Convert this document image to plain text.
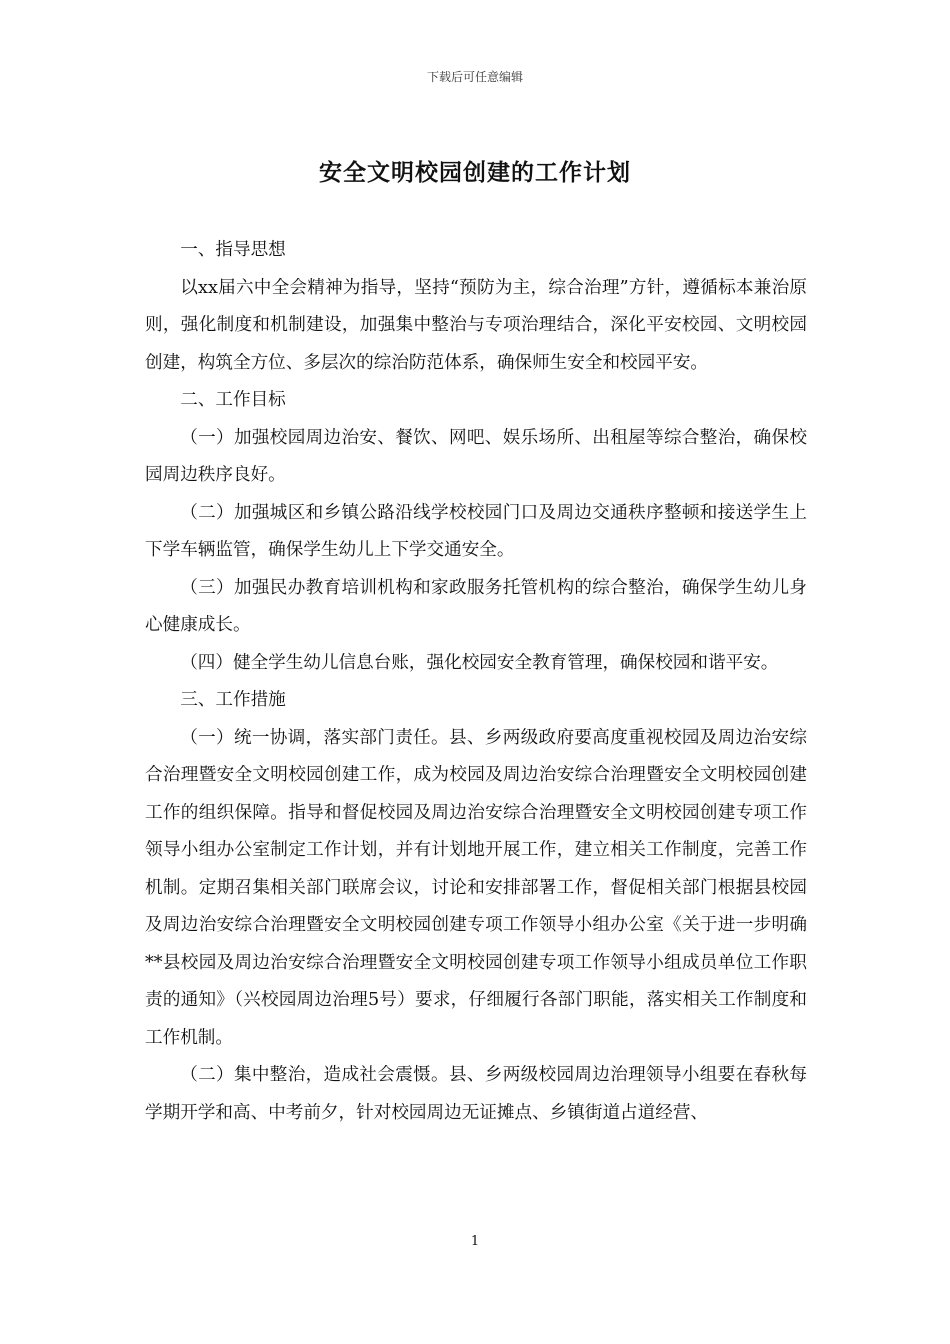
下载后可任意编辑
安全文明校园创建的工作计划

一、指导思想

以xx届六中全会精神为指导，坚持“预防为主，综合治理”方针，遵循标本兼治原则，强化制度和机制建设，加强集中整治与专项治理结合，深化平安校园、文明校园创建，构筑全方位、多层次的综治防范体系，确保师生安全和校园平安。

二、工作目标

（一）加强校园周边治安、餐饮、网吧、娱乐场所、出租屋等综合整治，确保校园周边秩序良好。

（二）加强城区和乡镇公路沿线学校校园门口及周边交通秩序整顿和接送学生上下学车辆监管，确保学生幼儿上下学交通安全。

（三）加强民办教育培训机构和家政服务托管机构的综合整治，确保学生幼儿身心健康成长。

（四）健全学生幼儿信息台账，强化校园安全教育管理，确保校园和谐平安。

三、工作措施

（一）统一协调，落实部门责任。县、乡两级政府要高度重视校园及周边治安综合治理暨安全文明校园创建工作，成为校园及周边治安综合治理暨安全文明校园创建工作的组织保障。指导和督促校园及周边治安综合治理暨安全文明校园创建专项工作领导小组办公室制定工作计划，并有计划地开展工作，建立相关工作制度，完善工作机制。定期召集相关部门联席会议，讨论和安排部署工作，督促相关部门根据县校园及周边治安综合治理暨安全文明校园创建专项工作领导小组办公室《关于进一步明确**县校园及周边治安综合治理暨安全文明校园创建专项工作领导小组成员单位工作职责的通知》（兴校园周边治理5号）要求，仔细履行各部门职能，落实相关工作制度和工作机制。

（二）集中整治，造成社会震慑。县、乡两级校园周边治理领导小组要在春秋每学期开学和高、中考前夕，针对校园周边无证摊点、乡镇街道占道经营、

1
